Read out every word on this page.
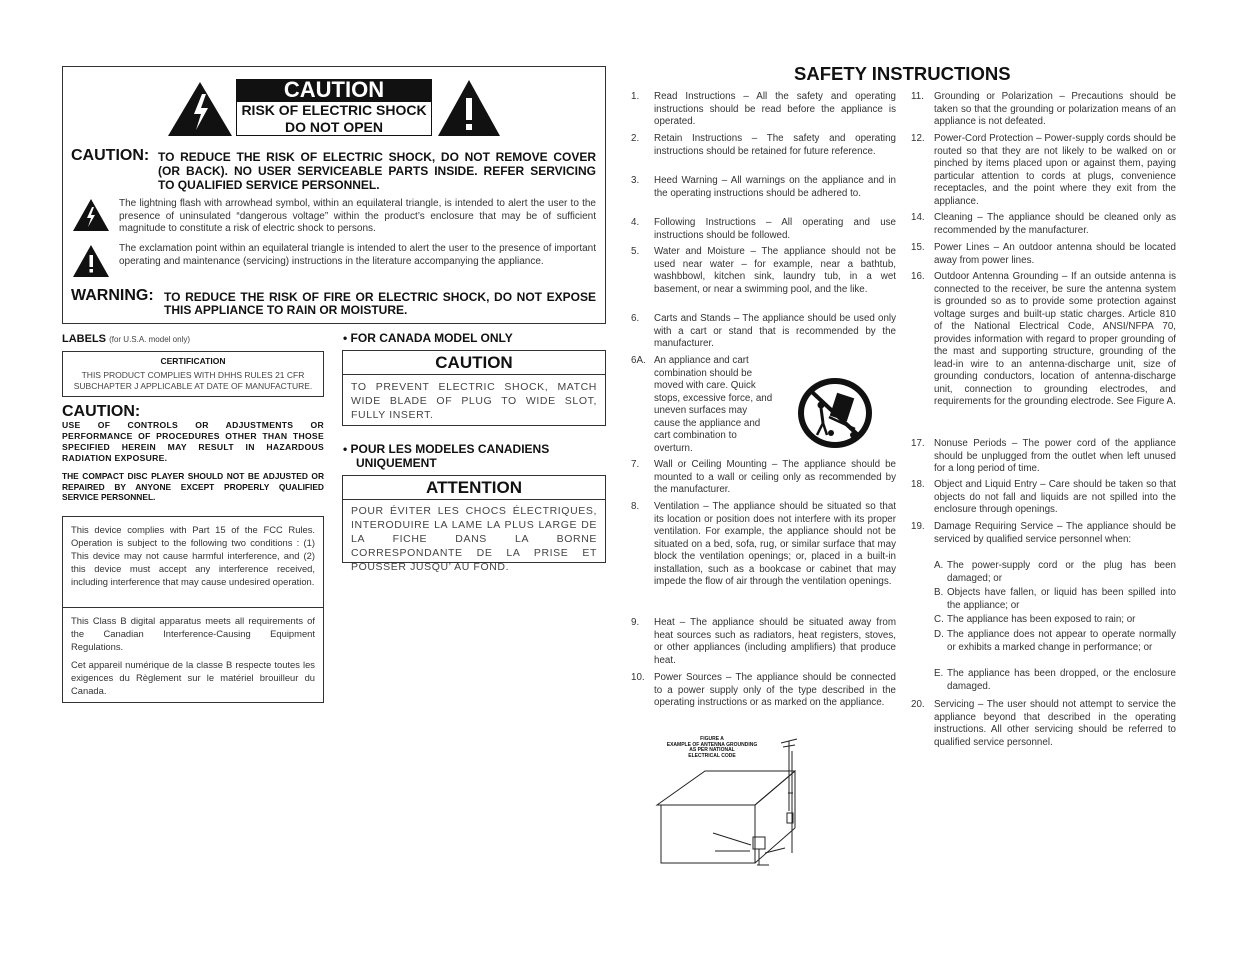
CAUTION
RISK OF ELECTRIC SHOCK
DO NOT OPEN
CAUTION: TO REDUCE THE RISK OF ELECTRIC SHOCK, DO NOT REMOVE COVER
(OR BACK). NO USER SERVICEABLE PARTS INSIDE. REFER SERVICING
TO QUALIFIED SERVICE PERSONNEL.
The lightning flash with arrowhead symbol, within an equilateral triangle, is intended to alert the user to the presence of uninsulated “dangerous voltage” within the product’s enclosure that may be of sufficient magnitude to constitute a risk of electric shock to persons.
The exclamation point within an equilateral triangle is intended to alert the user to the presence of important operating and maintenance (servicing) instructions in the literature accompanying the appliance.
WARNING: TO REDUCE THE RISK OF FIRE OR ELECTRIC SHOCK, DO NOT EXPOSE
THIS APPLIANCE TO RAIN OR MOISTURE.
LABELS (for U.S.A. model only)
CERTIFICATION
THIS PRODUCT COMPLIES WITH DHHS RULES 21 CFR SUBCHAPTER J APPLICABLE AT DATE OF MANUFACTURE.
CAUTION:
USE OF CONTROLS OR ADJUSTMENTS OR PERFORMANCE OF PROCEDURES OTHER THAN THOSE SPECIFIED HEREIN MAY RESULT IN HAZARDOUS RADIATION EXPOSURE.
THE COMPACT DISC PLAYER SHOULD NOT BE ADJUSTED OR REPAIRED BY ANYONE EXCEPT PROPERLY QUALIFIED SERVICE PERSONNEL.
This device complies with Part 15 of the FCC Rules. Operation is subject to the following two conditions : (1) This device may not cause harmful interference, and (2) this device must accept any interference received, including interference that may cause undesired operation.
This Class B digital apparatus meets all requirements of the Canadian Interference-Causing Equipment Regulations.
Cet appareil numérique de la classe B respecte toutes les exigences du Règlement sur le matériel brouilleur du Canada.
• FOR CANADA MODEL ONLY
CAUTION
TO PREVENT ELECTRIC SHOCK, MATCH WIDE BLADE OF PLUG TO WIDE SLOT, FULLY INSERT.
• POUR LES MODELES CANADIENS
UNIQUEMENT
ATTENTION
POUR ÉVITER LES CHOCS ÉLECTRIQUES, INTERODUIRE LA LAME LA PLUS LARGE DE LA FICHE DANS LA BORNE CORRESPONDANTE DE LA PRISE ET POUSSER JUSQU’ AU FOND.
SAFETY INSTRUCTIONS
1. Read Instructions – All the safety and operating instructions should be read before the appliance is operated.
2. Retain Instructions – The safety and operating instructions should be retained for future reference.
3. Heed Warning – All warnings on the appliance and in the operating instructions should be adhered to.
4. Following Instructions – All operating and use instructions should be followed.
5. Water and Moisture – The appliance should not be used near water – for example, near a bathtub, washbbowl, kitchen sink, laundry tub, in a wet basement, or near a swimming pool, and the like.
6. Carts and Stands – The appliance should be used only with a cart or stand that is recommended by the manufacturer.
6A. An appliance and cart combination should be moved with care. Quick stops, excessive force, and uneven surfaces may cause the appliance and cart combination to overturn.
7. Wall or Ceiling Mounting – The appliance should be mounted to a wall or ceiling only as recommended by the manufacturer.
8. Ventilation – The appliance should be situated so that its location or position does not interfere with its proper ventilation. For example, the appliance should not be situated on a bed, sofa, rug, or similar surface that may block the ventilation openings; or, placed in a built-in installation, such as a bookcase or cabinet that may impede the flow of air through the ventilation openings.
9. Heat – The appliance should be situated away from heat sources such as radiators, heat registers, stoves, or other appliances (including amplifiers) that produce heat.
10. Power Sources – The appliance should be connected to a power supply only of the type described in the operating instructions or as marked on the appliance.
11. Grounding or Polarization – Precautions should be taken so that the grounding or polarization means of an appliance is not defeated.
12. Power-Cord Protection – Power-supply cords should be routed so that they are not likely to be walked on or pinched by items placed upon or against them, paying particular attention to cords at plugs, convenience receptacles, and the point where they exit from the appliance.
14. Cleaning – The appliance should be cleaned only as recommended by the manufacturer.
15. Power Lines – An outdoor antenna should be located away from power lines.
16. Outdoor Antenna Grounding – If an outside antenna is connected to the receiver, be sure the antenna system is grounded so as to provide some protection against voltage surges and built-up static charges. Article 810 of the National Electrical Code, ANSI/NFPA 70, provides information with regard to proper grounding of the mast and supporting structure, grounding of the lead-in wire to an antenna-discharge unit, size of grounding conductors, location of antenna-discharge unit, connection to grounding electrodes, and requirements for the grounding electrode. See Figure A.
17. Nonuse Periods – The power cord of the appliance should be unplugged from the outlet when left unused for a long period of time.
18. Object and Liquid Entry – Care should be taken so that objects do not fall and liquids are not spilled into the enclosure through openings.
19. Damage Requiring Service – The appliance should be serviced by qualified service personnel when:
20. Servicing – The user should not attempt to service the appliance beyond that described in the operating instructions. All other servicing should be referred to qualified service personnel.
A. The power-supply cord or the plug has been damaged; or
B. Objects have fallen, or liquid has been spilled into the appliance; or
C. The appliance has been exposed to rain; or
D. The appliance does not appear to operate normally or exhibits a marked change in performance; or
E. The appliance has been dropped, or the enclosure damaged.
FIGURE A
EXAMPLE OF ANTENNA GROUNDING
AS PER NATIONAL
ELECTRICAL CODE
